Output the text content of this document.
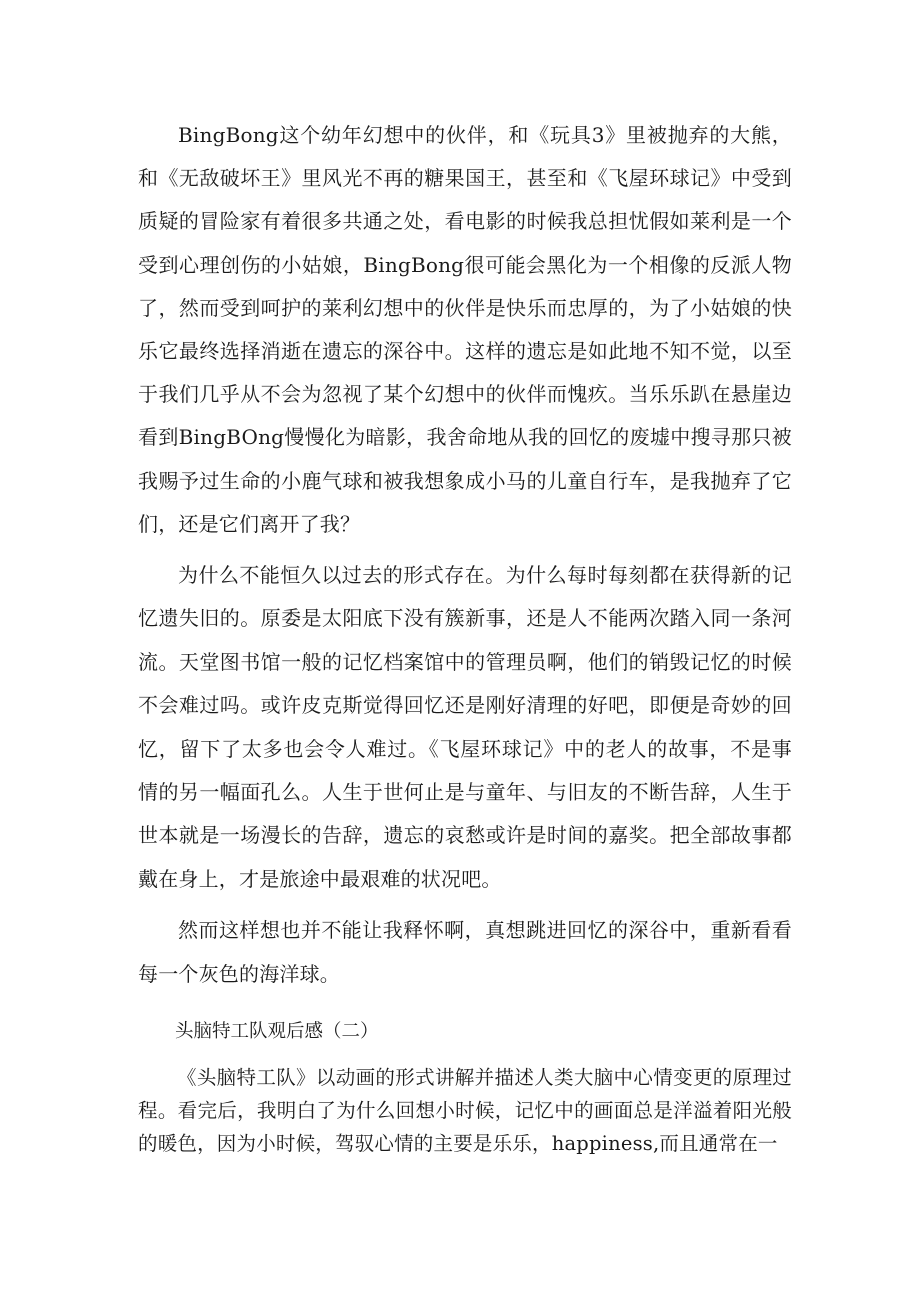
BingBong这个幼年幻想中的伙伴，和《玩具3》里被抛弃的大熊，和《无敌破坏王》里风光不再的糖果国王，甚至和《飞屋环球记》中受到质疑的冒险家有着很多共通之处，看电影的时候我总担忧假如莱利是一个受到心理创伤的小姑娘，BingBong很可能会黑化为一个相像的反派人物了，然而受到呵护的莱利幻想中的伙伴是快乐而忠厚的，为了小姑娘的快乐它最终选择消逝在遗忘的深谷中。这样的遗忘是如此地不知不觉，以至于我们几乎从不会为忽视了某个幻想中的伙伴而愧疚。当乐乐趴在悬崖边看到BingBOng慢慢化为暗影，我舍命地从我的回忆的废墟中搜寻那只被我赐予过生命的小鹿气球和被我想象成小马的儿童自行车，是我抛弃了它们，还是它们离开了我？

为什么不能恒久以过去的形式存在。为什么每时每刻都在获得新的记忆遗失旧的。原委是太阳底下没有簇新事，还是人不能两次踏入同一条河流。天堂图书馆一般的记忆档案馆中的管理员啊，他们的销毁记忆的时候不会难过吗。或许皮克斯觉得回忆还是刚好清理的好吧，即便是奇妙的回忆，留下了太多也会令人难过。《飞屋环球记》中的老人的故事，不是事情的另一幅面孔么。人生于世何止是与童年、与旧友的不断告辞，人生于世本就是一场漫长的告辞，遗忘的哀愁或许是时间的嘉奖。把全部故事都戴在身上，才是旅途中最艰难的状况吧。

然而这样想也并不能让我释怀啊，真想跳进回忆的深谷中，重新看看每一个灰色的海洋球。

头脑特工队观后感（二）

《头脑特工队》以动画的形式讲解并描述人类大脑中心情变更的原理过程。看完后，我明白了为什么回想小时候，记忆中的画面总是洋溢着阳光般的暖色，因为小时候，驾驭心情的主要是乐乐，happiness,而且通常在一
